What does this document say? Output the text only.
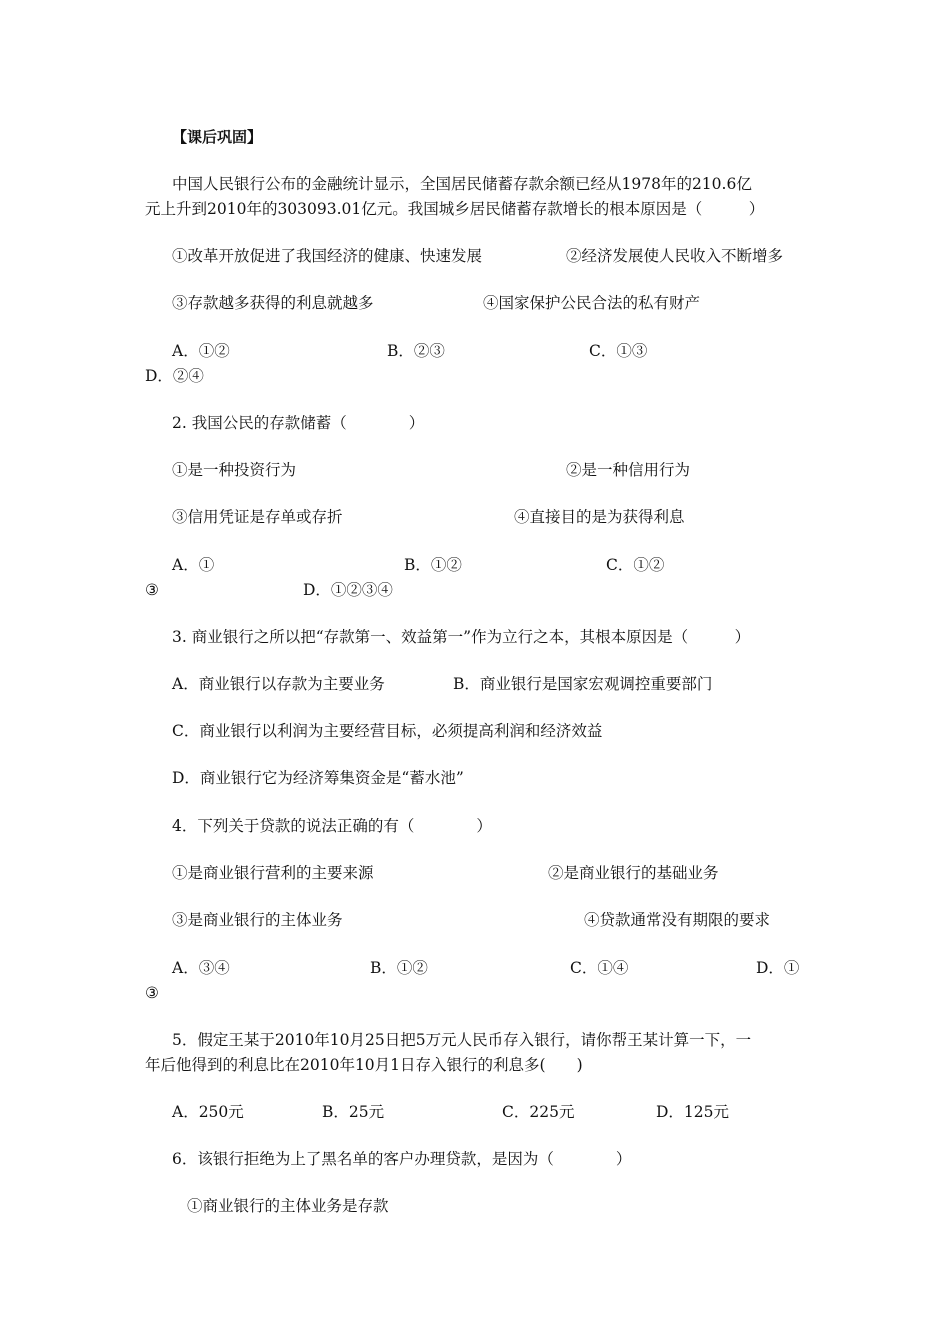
【课后巩固】
中国人民银行公布的金融统计显示，全国居民储蓄存款余额已经从1978年的210.6亿
元上升到2010年的303093.01亿元。我国城乡居民储蓄存款增长的根本原因是（　　　）
①改革开放促进了我国经济的健康、快速发展	②经济发展使人民收入不断增多
③存款越多获得的利息就越多	④国家保护公民合法的私有财产
A．①②	B．②③	C．①③
D．②④
2. 我国公民的存款储蓄（　　　　）
①是一种投资行为	②是一种信用行为
③信用凭证是存单或存折	④直接目的是为获得利息
A．①	B．①②	C．①②
③	D．①②③④
3. 商业银行之所以把“存款第一、效益第一”作为立行之本，其根本原因是（　　　）
A．商业银行以存款为主要业务	B．商业银行是国家宏观调控重要部门
C．商业银行以利润为主要经营目标，必须提高利润和经济效益
D．商业银行它为经济筹集资金是“蓄水池”
4．下列关于贷款的说法正确的有（　　　　）
①是商业银行营利的主要来源	②是商业银行的基础业务
③是商业银行的主体业务	④贷款通常没有期限的要求
A．③④	B．①②	C．①④	D．①
③
5．假定王某于2010年10月25日把5万元人民币存入银行，请你帮王某计算一下，一
年后他得到的利息比在2010年10月1日存入银行的利息多(　　)
A．250元	B．25元	C．225元	D．125元
6．该银行拒绝为上了黑名单的客户办理贷款，是因为（　　　　）
①商业银行的主体业务是存款
